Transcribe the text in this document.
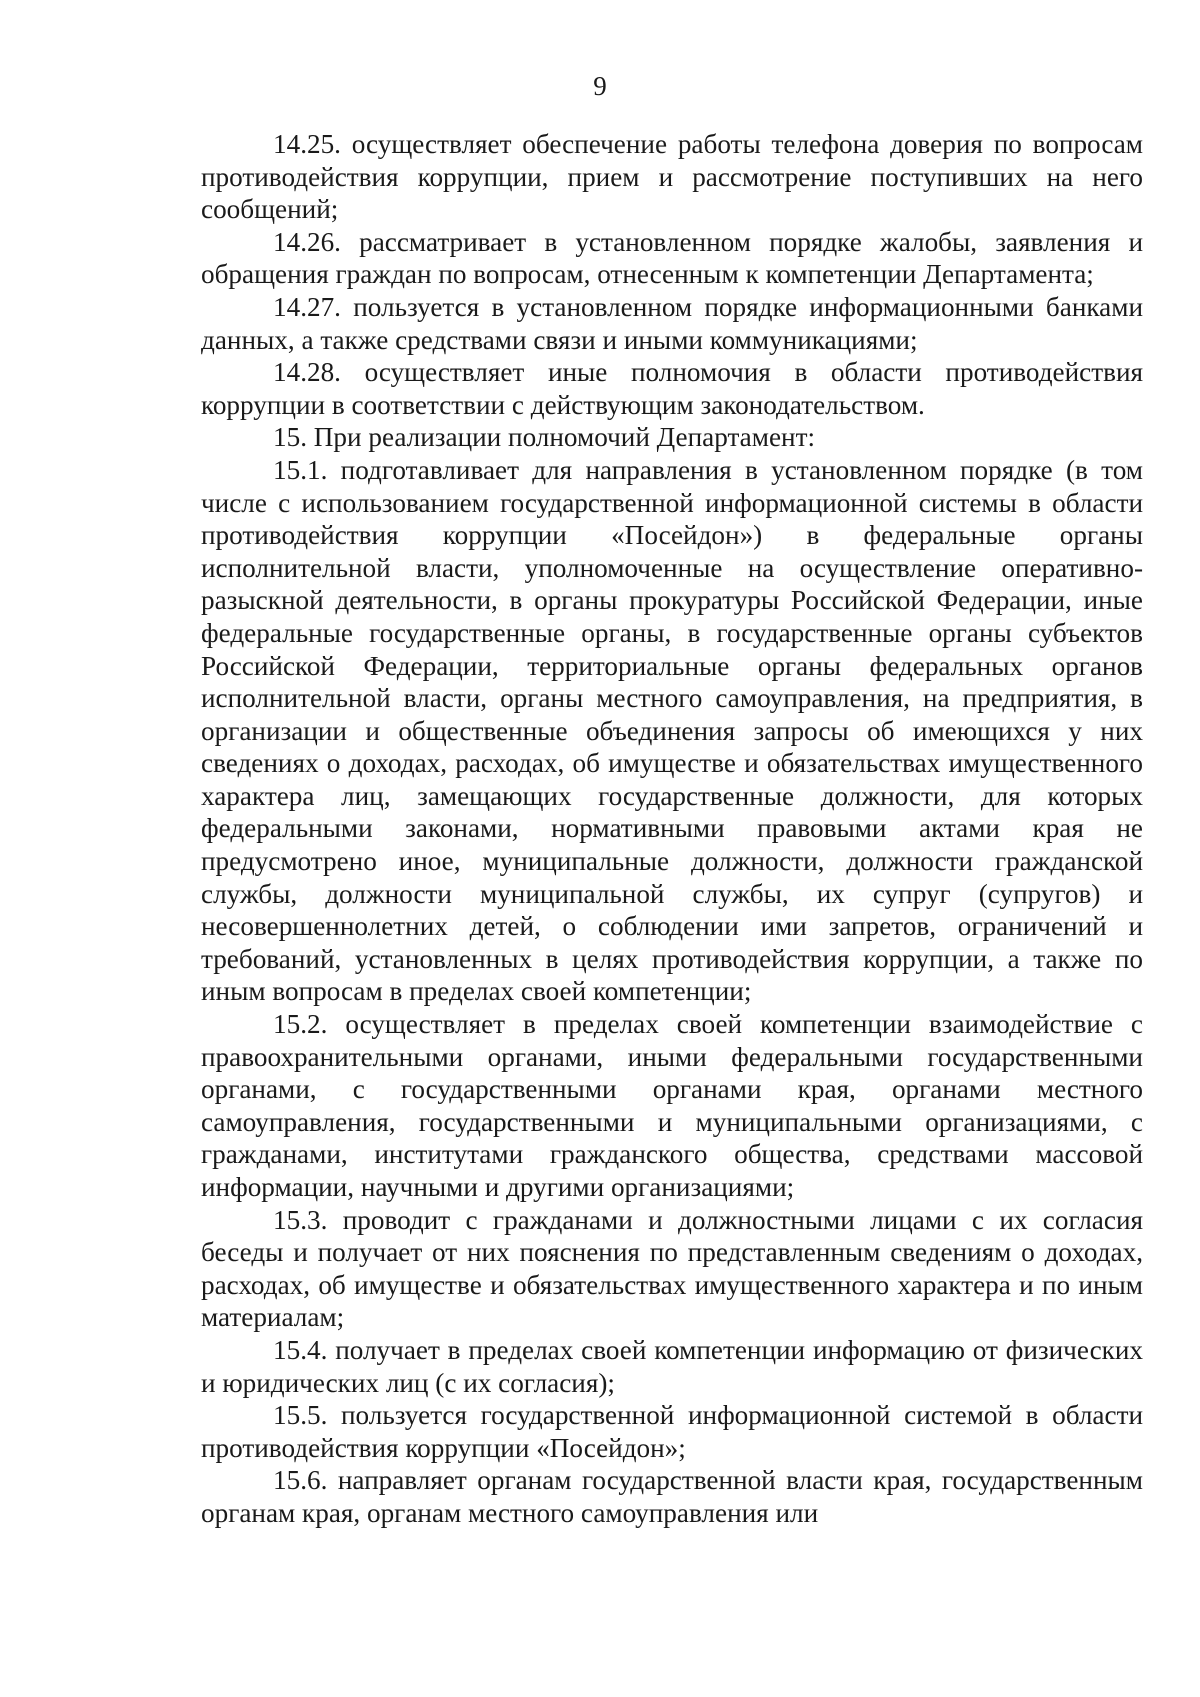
9

14.25. осуществляет обеспечение работы телефона доверия по вопросам противодействия коррупции, прием и рассмотрение поступивших на него сообщений;

14.26. рассматривает в установленном порядке жалобы, заявления и обращения граждан по вопросам, отнесенным к компетенции Департамента;

14.27. пользуется в установленном порядке информационными банками данных, а также средствами связи и иными коммуникациями;

14.28. осуществляет иные полномочия в области противодействия коррупции в соответствии с действующим законодательством.

15. При реализации полномочий Департамент:

15.1. подготавливает для направления в установленном порядке (в том числе с использованием государственной информационной системы в области противодействия коррупции «Посейдон») в федеральные органы исполнительной власти, уполномоченные на осуществление оперативно-разыскной деятельности, в органы прокуратуры Российской Федерации, иные федеральные государственные органы, в государственные органы субъектов Российской Федерации, территориальные органы федеральных органов исполнительной власти, органы местного самоуправления, на предприятия, в организации и общественные объединения запросы об имеющихся у них сведениях о доходах, расходах, об имуществе и обязательствах имущественного характера лиц, замещающих государственные должности, для которых федеральными законами, нормативными правовыми актами края не предусмотрено иное, муниципальные должности, должности гражданской службы, должности муниципальной службы, их супруг (супругов) и несовершеннолетних детей, о соблюдении ими запретов, ограничений и требований, установленных в целях противодействия коррупции, а также по иным вопросам в пределах своей компетенции;

15.2. осуществляет в пределах своей компетенции взаимодействие с правоохранительными органами, иными федеральными государственными органами, с государственными органами края, органами местного самоуправления, государственными и муниципальными организациями, с гражданами, институтами гражданского общества, средствами массовой информации, научными и другими организациями;

15.3. проводит с гражданами и должностными лицами с их согласия беседы и получает от них пояснения по представленным сведениям о доходах, расходах, об имуществе и обязательствах имущественного характера и по иным материалам;

15.4. получает в пределах своей компетенции информацию от физических и юридических лиц (с их согласия);

15.5. пользуется государственной информационной системой в области противодействия коррупции «Посейдон»;

15.6. направляет органам государственной власти края, государственным органам края, органам местного самоуправления или
